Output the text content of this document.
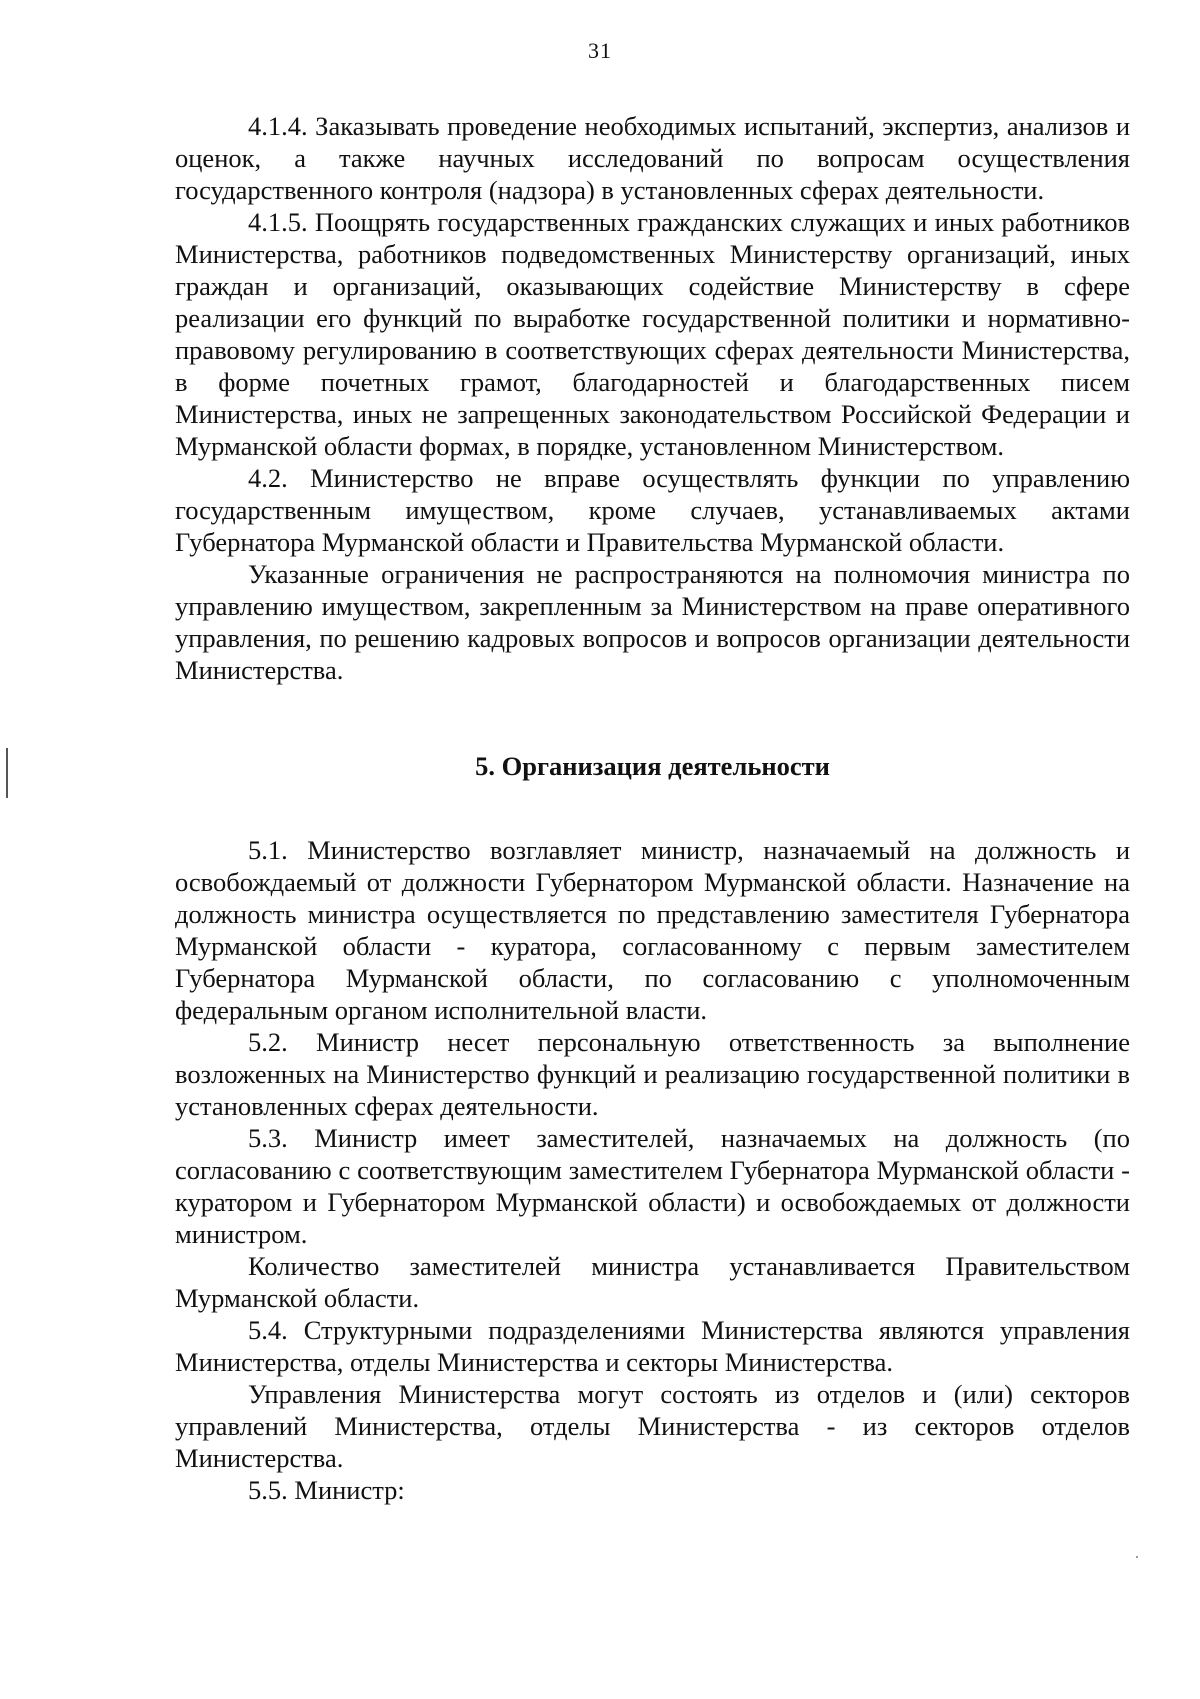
31

4.1.4. Заказывать проведение необходимых испытаний, экспертиз, анализов и оценок, а также научных исследований по вопросам осуществления государственного контроля (надзора) в установленных сферах деятельности.

4.1.5. Поощрять государственных гражданских служащих и иных работников Министерства, работников подведомственных Министерству организаций, иных граждан и организаций, оказывающих содействие Министерству в сфере реализации его функций по выработке государственной политики и нормативно-правовому регулированию в соответствующих сферах деятельности Министерства, в форме почетных грамот, благодарностей и благодарственных писем Министерства, иных не запрещенных законодательством Российской Федерации и Мурманской области формах, в порядке, установленном Министерством.

4.2. Министерство не вправе осуществлять функции по управлению государственным имуществом, кроме случаев, устанавливаемых актами Губернатора Мурманской области и Правительства Мурманской области.

Указанные ограничения не распространяются на полномочия министра по управлению имуществом, закрепленным за Министерством на праве оперативного управления, по решению кадровых вопросов и вопросов организации деятельности Министерства.

5. Организация деятельности

5.1. Министерство возглавляет министр, назначаемый на должность и освобождаемый от должности Губернатором Мурманской области. Назначение на должность министра осуществляется по представлению заместителя Губернатора Мурманской области - куратора, согласованному с первым заместителем Губернатора Мурманской области, по согласованию с уполномоченным федеральным органом исполнительной власти.

5.2. Министр несет персональную ответственность за выполнение возложенных на Министерство функций и реализацию государственной политики в установленных сферах деятельности.

5.3. Министр имеет заместителей, назначаемых на должность (по согласованию с соответствующим заместителем Губернатора Мурманской области - куратором и Губернатором Мурманской области) и освобождаемых от должности министром.

Количество заместителей министра устанавливается Правительством Мурманской области.

5.4. Структурными подразделениями Министерства являются управления Министерства, отделы Министерства и секторы Министерства.

Управления Министерства могут состоять из отделов и (или) секторов управлений Министерства, отделы Министерства - из секторов отделов Министерства.

5.5. Министр:
